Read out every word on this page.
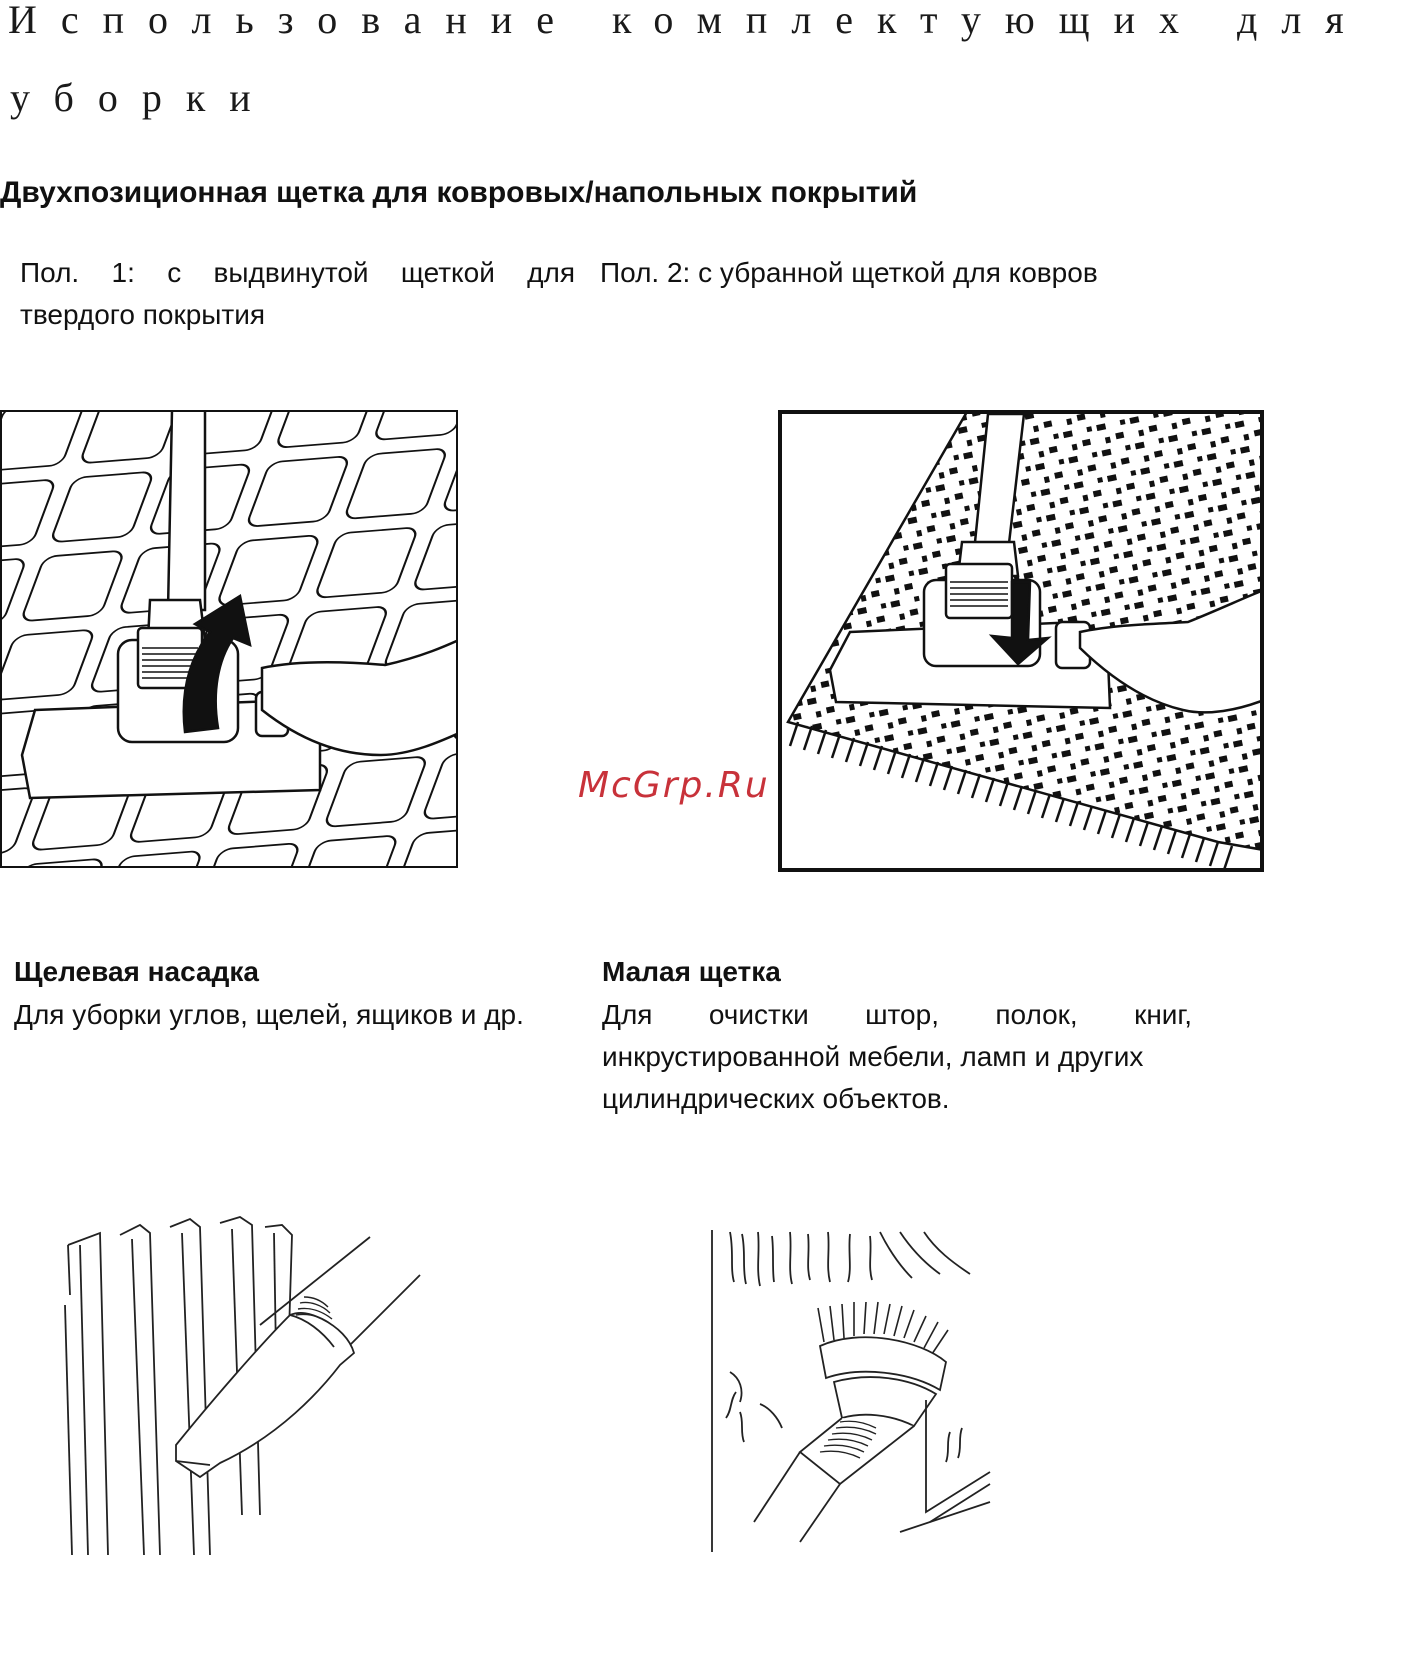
Использование комплектующих для
уборки
Двухпозиционная щетка для ковровых/напольных покрытий
Пол. 1: с выдвинутой щеткой для
твердого покрытия
Пол. 2: с убранной щеткой для ковров
McGrp.Ru
Щелевая насадка
Для уборки углов, щелей, ящиков и др.
Малая щетка
Для очистки штор, полок, книг,
инкрустированной мебели, ламп и других
цилиндрических объектов.
